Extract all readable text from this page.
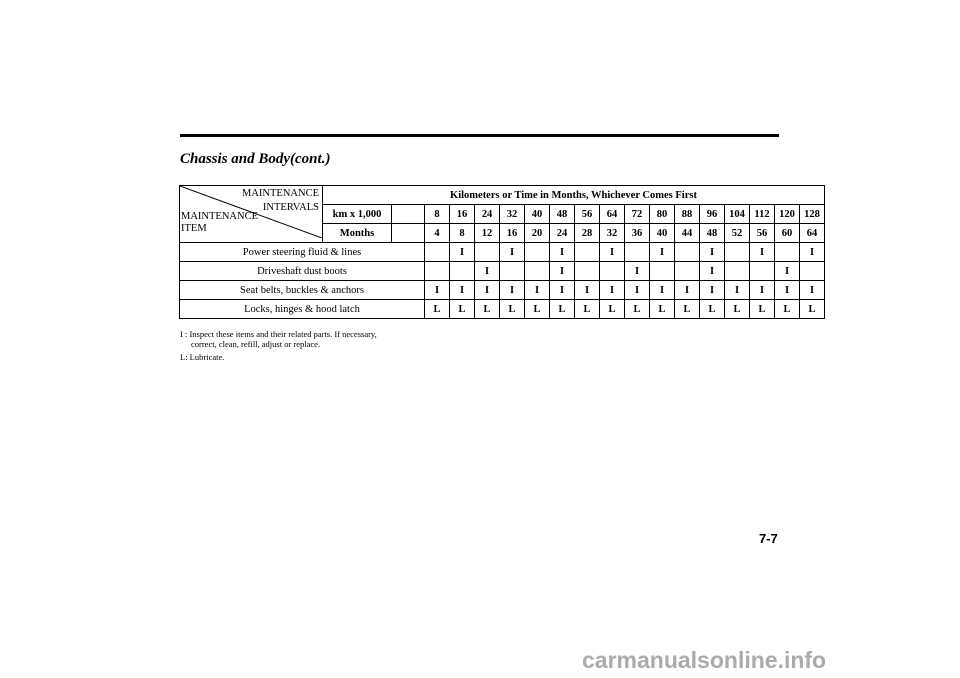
Chassis and Body(cont.)
MAINTENANCE
INTERVALS
MAINTENANCE
ITEM	Kilometers or Time in Months, Whichever Comes First																	
	km x 1,000		8	16	24	32	40	48	56	64	72	80	88	96	104	112	120	128
	Months		4	8	12	16	20	24	28	32	36	40	44	48	52	56	60	64
Power steering fluid & lines				I		I		I		I		I		I		I		I
Driveshaft dust boots					I			I			I			I			I	
Seat belts, buckles & anchors			I	I	I	I	I	I	I	I	I	I	I	I	I	I	I	I
Locks, hinges & hood latch			L	L	L	L	L	L	L	L	L	L	L	L	L	L	L	L
I : Inspect these items and their related parts. If necessary,
correct, clean, refill, adjust or replace.
L: Lubricate.
7-7
carmanualsonline.info
